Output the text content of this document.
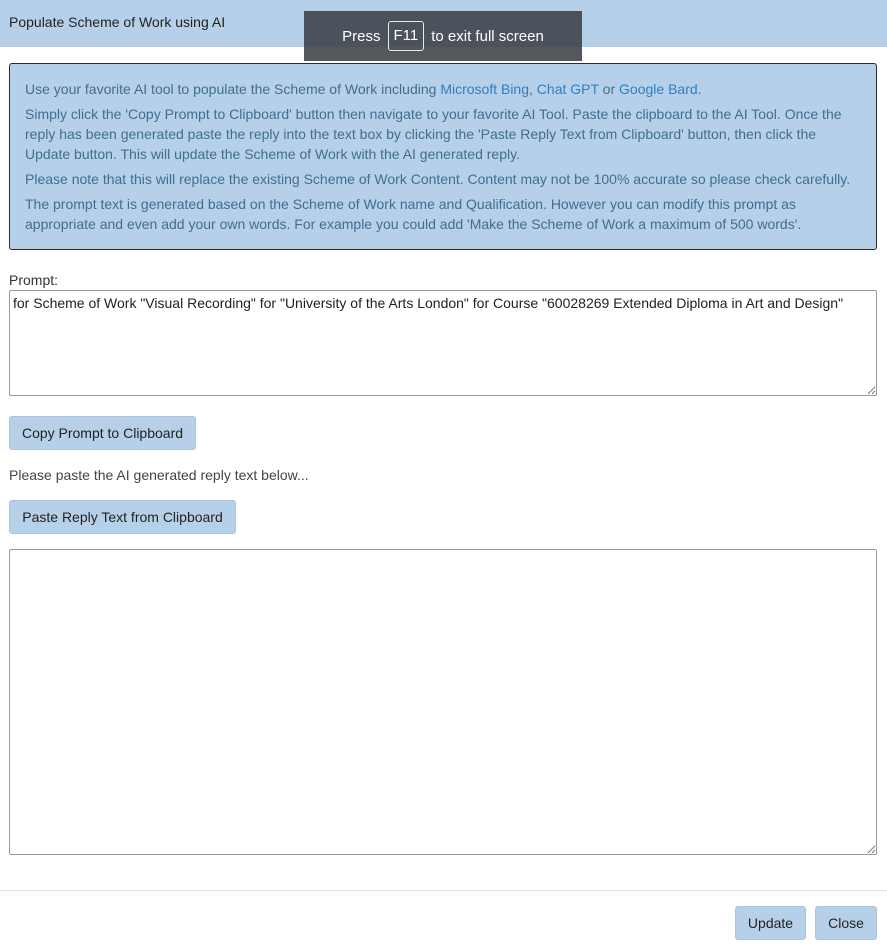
Populate Scheme of Work using AI
Press F11 to exit full screen

Use your favorite AI tool to populate the Scheme of Work including Microsoft Bing, Chat GPT or Google Bard.

Simply click the 'Copy Prompt to Clipboard' button then navigate to your favorite AI Tool. Paste the clipboard to the AI Tool. Once the reply has been generated paste the reply into the text box by clicking the 'Paste Reply Text from Clipboard' button, then click the Update button. This will update the Scheme of Work with the AI generated reply.

Please note that this will replace the existing Scheme of Work Content. Content may not be 100% accurate so please check carefully.

The prompt text is generated based on the Scheme of Work name and Qualification. However you can modify this prompt as appropriate and even add your own words. For example you could add 'Make the Scheme of Work a maximum of 500 words'.

Prompt:
for Scheme of Work "Visual Recording" for "University of the Arts London" for Course "60028269 Extended Diploma in Art and Design"
Copy Prompt to Clipboard
Please paste the AI generated reply text below...
Paste Reply Text from Clipboard
Update	Close
